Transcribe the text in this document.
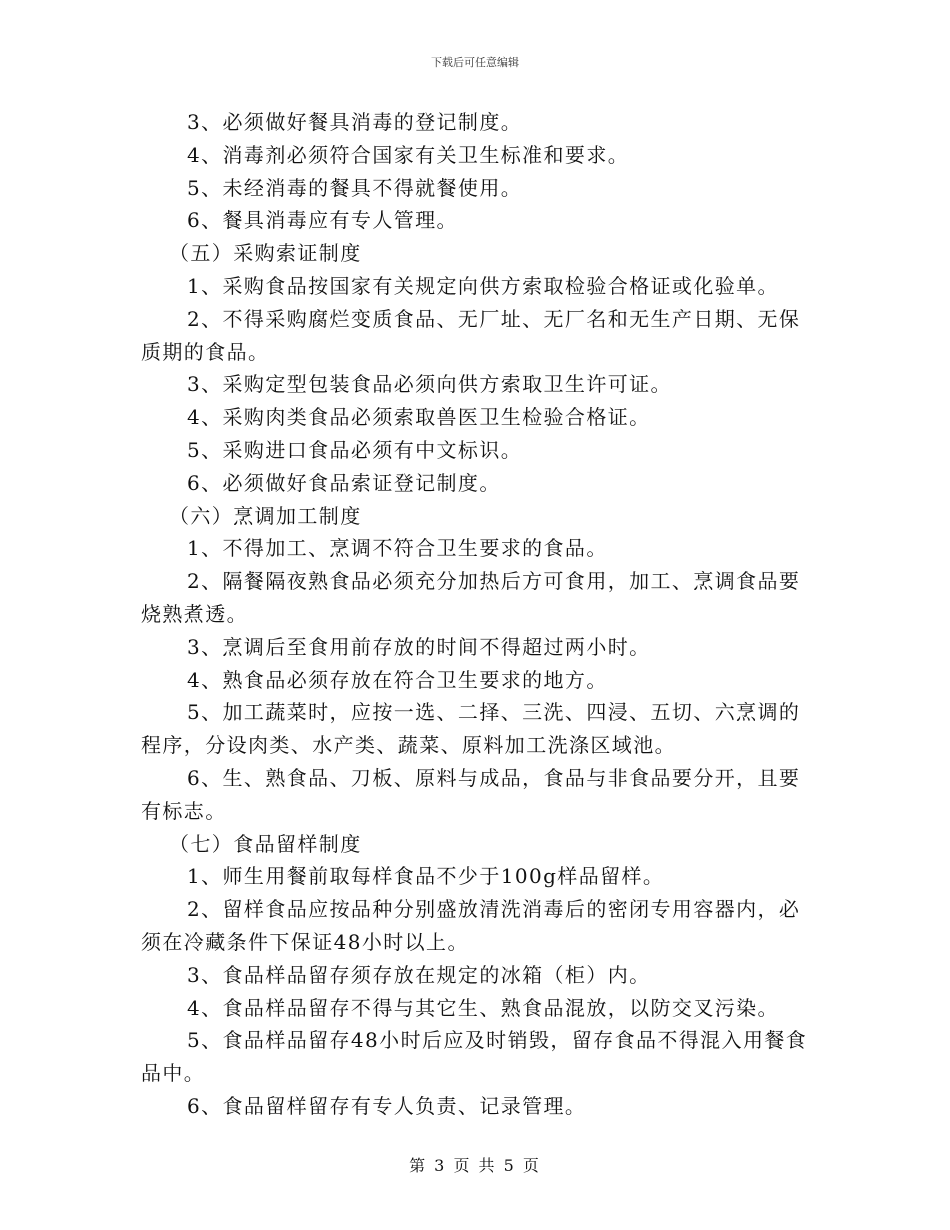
下载后可任意编辑

3、必须做好餐具消毒的登记制度。

4、消毒剂必须符合国家有关卫生标准和要求。

5、未经消毒的餐具不得就餐使用。

6、餐具消毒应有专人管理。

（五）采购索证制度

1、采购食品按国家有关规定向供方索取检验合格证或化验单。

2、不得采购腐烂变质食品、无厂址、无厂名和无生产日期、无保质期的食品。

3、采购定型包装食品必须向供方索取卫生许可证。

4、采购肉类食品必须索取兽医卫生检验合格证。

5、采购进口食品必须有中文标识。

6、必须做好食品索证登记制度。

（六）烹调加工制度

1、不得加工、烹调不符合卫生要求的食品。

2、隔餐隔夜熟食品必须充分加热后方可食用，加工、烹调食品要烧熟煮透。

3、烹调后至食用前存放的时间不得超过两小时。

4、熟食品必须存放在符合卫生要求的地方。

5、加工蔬菜时，应按一选、二择、三洗、四浸、五切、六烹调的程序，分设肉类、水产类、蔬菜、原料加工洗涤区域池。

6、生、熟食品、刀板、原料与成品，食品与非食品要分开，且要有标志。

（七）食品留样制度

1、师生用餐前取每样食品不少于100g样品留样。

2、留样食品应按品种分别盛放清洗消毒后的密闭专用容器内，必须在冷藏条件下保证48小时以上。

3、食品样品留存须存放在规定的冰箱（柜）内。

4、食品样品留存不得与其它生、熟食品混放，以防交叉污染。

5、食品样品留存48小时后应及时销毁，留存食品不得混入用餐食品中。

6、食品留样留存有专人负责、记录管理。

第 3 页 共 5 页
